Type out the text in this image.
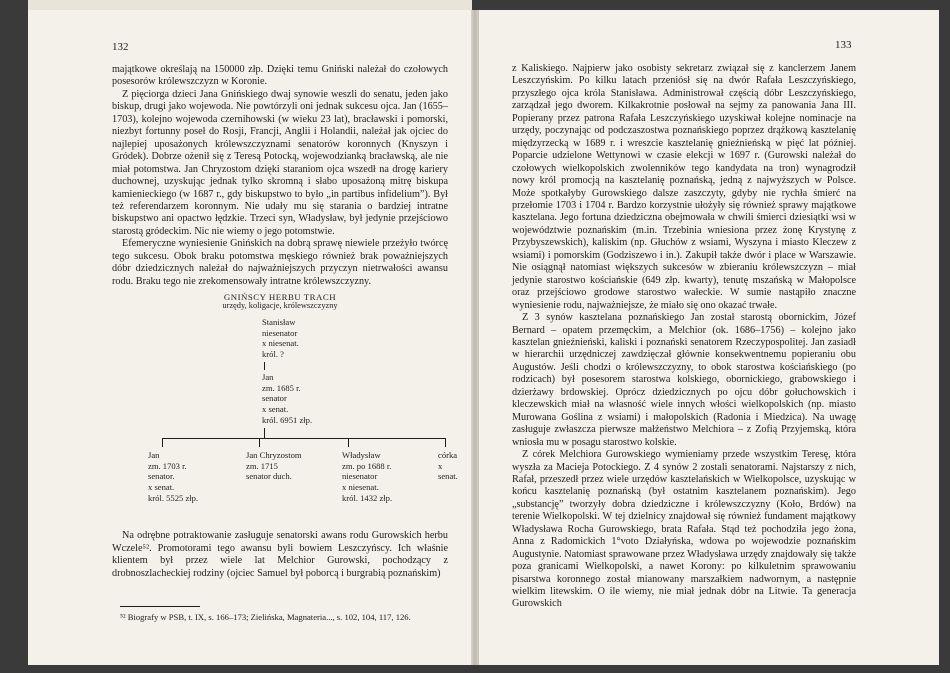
132

majątkowe określają na 150000 złp. Dzięki temu Gniński należał do czołowych posesorów królewszczyzn w Koronie.

Z pięciorga dzieci Jana Gnińskiego dwaj synowie weszli do senatu, jeden jako biskup, drugi jako wojewoda. Nie powtórzyli oni jednak sukcesu ojca. Jan (1655–1703), kolejno wojewoda czernihowski (w wieku 23 lat), bracławski i pomorski, niezbyt fortunny poseł do Rosji, Francji, Anglii i Holandii, należał jak ojciec do najlepiej uposażonych królewszczyznami senatorów koronnych (Knyszyn i Gródek). Dobrze ożenił się z Teresą Potocką, wojewodzianką bracławską, ale nie miał potomstwa. Jan Chryzostom dzięki staraniom ojca wszedł na drogę kariery duchownej, uzyskując jednak tylko skromną i słabo uposażoną mitrę biskupa kamienieckiego (w 1687 r., gdy biskupstwo to było „in partibus infidelium”). Był też referendarzem koronnym. Nie udały mu się starania o bardziej intratne biskupstwo ani opactwo łędzkie. Trzeci syn, Władysław, był jedynie przejściowo starostą gródeckim. Nic nie wiemy o jego potomstwie.

Efemeryczne wyniesienie Gnińskich na dobrą sprawę niewiele przeżyło twórcę tego sukcesu. Obok braku potomstwa męskiego również brak poważniejszych dóbr dziedzicznych należał do najważniejszych przyczyn nietrwałości awansu rodu. Braku tego nie zrekomensowały intratne królewszczyzny.

GNIŃSCY HERBU TRACH
urzędy, koligacje, królewszczyzny
Stanisław
niesenator
x niesenat.
król. ?
Jan
zm. 1685 r.
senator
x senat.
król. 6951 złp.
Jan
zm. 1703 r.
senator.
x senat.
król. 5525 złp.
Jan Chryzostom
zm. 1715
senator duch.
Władysław
zm. po 1688 r.
niesenator
x niesenat.
król. 1432 złp.
córka
x senat.

Na odrębne potraktowanie zasługuje senatorski awans rodu Gurowskich herbu Wczele⁵². Promotorami tego awansu byli bowiem Leszczyńscy. Ich właśnie klientem był przez wiele lat Melchior Gurowski, pochodzący z drobnoszlacheckiej rodziny (ojciec Samuel był poborcą i burgrabią poznańskim)

⁵² Biografy w PSB, t. IX, s. 166–173; Zielińska, Magnateria..., s. 102, 104, 117, 126.
133

z Kaliskiego. Najpierw jako osobisty sekretarz związał się z kanclerzem Janem Leszczyńskim. Po kilku latach przeniósł się na dwór Rafała Leszczyńskiego, przyszłego ojca króla Stanisława. Administrował częścią dóbr Leszczyńskiego, zarządzał jego dworem. Kilkakrotnie posłował na sejmy za panowania Jana III. Popierany przez patrona Rafała Leszczyńskiego uzyskiwał kolejne nominacje na urzędy, poczynając od podczaszostwa poznańskiego poprzez drążkową kasztelanię międzyrzecką w 1689 r. i wreszcie kasztelanię gnieźnieńską w pięć lat później. Poparcie udzielone Wettynowi w czasie elekcji w 1697 r. (Gurowski należał do czołowych wielkopolskich zwolenników tego kandydata na tron) wynagrodził nowy król promocją na kasztelanię poznańską, jedną z najwyższych w Polsce. Może spotkałyby Gurowskiego dalsze zaszczyty, gdyby nie rychła śmierć na przełomie 1703 i 1704 r. Bardzo korzystnie ułożyły się również sprawy majątkowe kasztelana. Jego fortuna dziedziczna obejmowała w chwili śmierci dziesiątki wsi w województwie poznańskim (m.in. Trzebinia wniesiona przez żonę Krystynę z Przybyszewskich), kaliskim (np. Głuchów z wsiami, Wyszyna i miasto Kleczew z wsiami) i pomorskim (Godziszewo i in.). Zakupił także dwór i place w Warszawie. Nie osiągnął natomiast większych sukcesów w zbieraniu królewszczyzn – miał jedynie starostwo kościańskie (649 złp. kwarty), tenutę mszańską w Małopolsce oraz przejściowo grodowe starostwo wałeckie. W sumie nastąpiło znaczne wyniesienie rodu, najważniejsze, że miało się ono okazać trwałe.

Z 3 synów kasztelana poznańskiego Jan został starostą obornickim, Józef Bernard – opatem przemęckim, a Melchior (ok. 1686–1756) – kolejno jako kasztelan gnieźnieński, kaliski i poznański senatorem Rzeczypospolitej. Jan zasiadł w hierarchii urzędniczej zawdzięczał głównie konsekwentnemu popieraniu obu Augustów. Jeśli chodzi o królewszczyzny, to obok starostwa kościańskiego (po rodzicach) był posesorem starostwa kolskiego, obornickiego, grabowskiego i dzierżawy brdowskiej. Oprócz dziedzicznych po ojcu dóbr gołuchowskich i kleczewskich miał na własność wiele innych włości wielkopolskich (np. miasto Murowana Goślina z wsiami) i małopolskich (Radonia i Miedzica). Na uwagę zasługuje zwłaszcza pierwsze małżeństwo Melchiora – z Zofią Przyjemską, która wniosła mu w posagu starostwo kolskie.

Z córek Melchiora Gurowskiego wymieniamy przede wszystkim Teresę, która wyszła za Macieja Potockiego. Z 4 synów 2 zostali senatorami. Najstarszy z nich, Rafał, przeszedł przez wiele urzędów kasztelańskich w Wielkopolsce, uzyskując w końcu kasztelanię poznańską (był ostatnim kasztelanem poznańskim). Jego „substancję” tworzyły dobra dziedziczne i królewszczyzny (Koło, Brdów) na terenie Wielkopolski. W tej dzielnicy znajdował się również fundament majątkowy Władysława Rocha Gurowskiego, brata Rafała. Stąd też pochodziła jego żona, Anna z Radomickich 1°voto Działyńska, wdowa po wojewodzie poznańskim Augustynie. Natomiast sprawowane przez Władysława urzędy znajdowały się także poza granicami Wielkopolski, a nawet Korony: po kilkuletnim sprawowaniu pisarstwa koronnego został mianowany marszałkiem nadwornym, a następnie wielkim litewskim. O ile wiemy, nie miał jednak dóbr na Litwie. Ta generacja Gurowskich
